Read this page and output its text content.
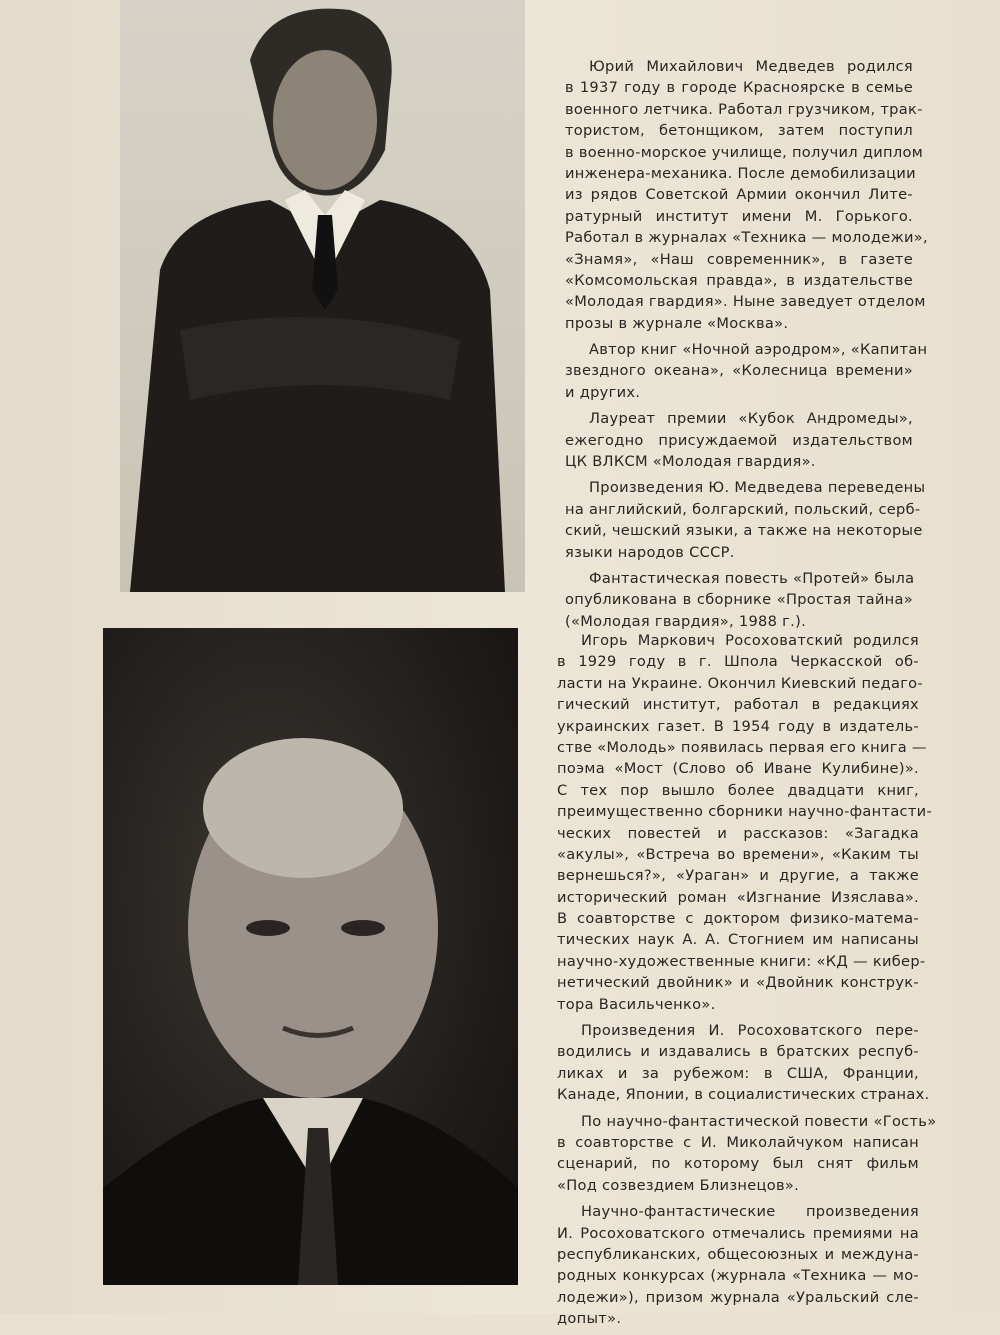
Юрий Михайлович Медведев родился
в 1937 году в городе Красноярске в семье
военного летчика. Работал грузчиком, трак-
тористом, бетонщиком, затем поступил
в военно-морское училище, получил диплом
инженера-механика. После демобилизации
из рядов Советской Армии окончил Лите-
ратурный институт имени М. Горького.
Работал в журналах «Техника — молодежи»,
«Знамя», «Наш современник», в газете
«Комсомольская правда», в издательстве
«Молодая гвардия». Ныне заведует отделом
прозы в журнале «Москва».
Автор книг «Ночной аэродром», «Капитан
звездного океана», «Колесница времени»
и других.
Лауреат премии «Кубок Андромеды»,
ежегодно присуждаемой издательством
ЦК ВЛКСМ «Молодая гвардия».
Произведения Ю. Медведева переведены
на английский, болгарский, польский, серб-
ский, чешский языки, а также на некоторые
языки народов СССР.
Фантастическая повесть «Протей» была
опубликована в сборнике «Простая тайна»
(«Молодая гвардия», 1988 г.).
Игорь Маркович Росоховатский родился
в 1929 году в г. Шпола Черкасской об-
ласти на Украине. Окончил Киевский педаго-
гический институт, работал в редакциях
украинских газет. В 1954 году в издатель-
стве «Молодь» появилась первая его книга —
поэма «Мост (Слово об Иване Кулибине)».
С тех пор вышло более двадцати книг,
преимущественно сборники научно-фантасти-
ческих повестей и рассказов: «Загадка
«акулы», «Встреча во времени», «Каким ты
вернешься?», «Ураган» и другие, а также
исторический роман «Изгнание Изяслава».
В соавторстве с доктором физико-матема-
тических наук А. А. Стогнием им написаны
научно-художественные книги: «КД — кибер-
нетический двойник» и «Двойник конструк-
тора Васильченко».
Произведения И. Росоховатского пере-
водились и издавались в братских респуб-
ликах и за рубежом: в США, Франции,
Канаде, Японии, в социалистических странах.
По научно-фантастической повести «Гость»
в соавторстве с И. Миколайчуком написан
сценарий, по которому был снят фильм
«Под созвездием Близнецов».
Научно-фантастические произведения
И. Росоховатского отмечались премиями на
республиканских, общесоюзных и междуна-
родных конкурсах (журнала «Техника — мо-
лодежи»), призом журнала «Уральский сле-
допыт».
